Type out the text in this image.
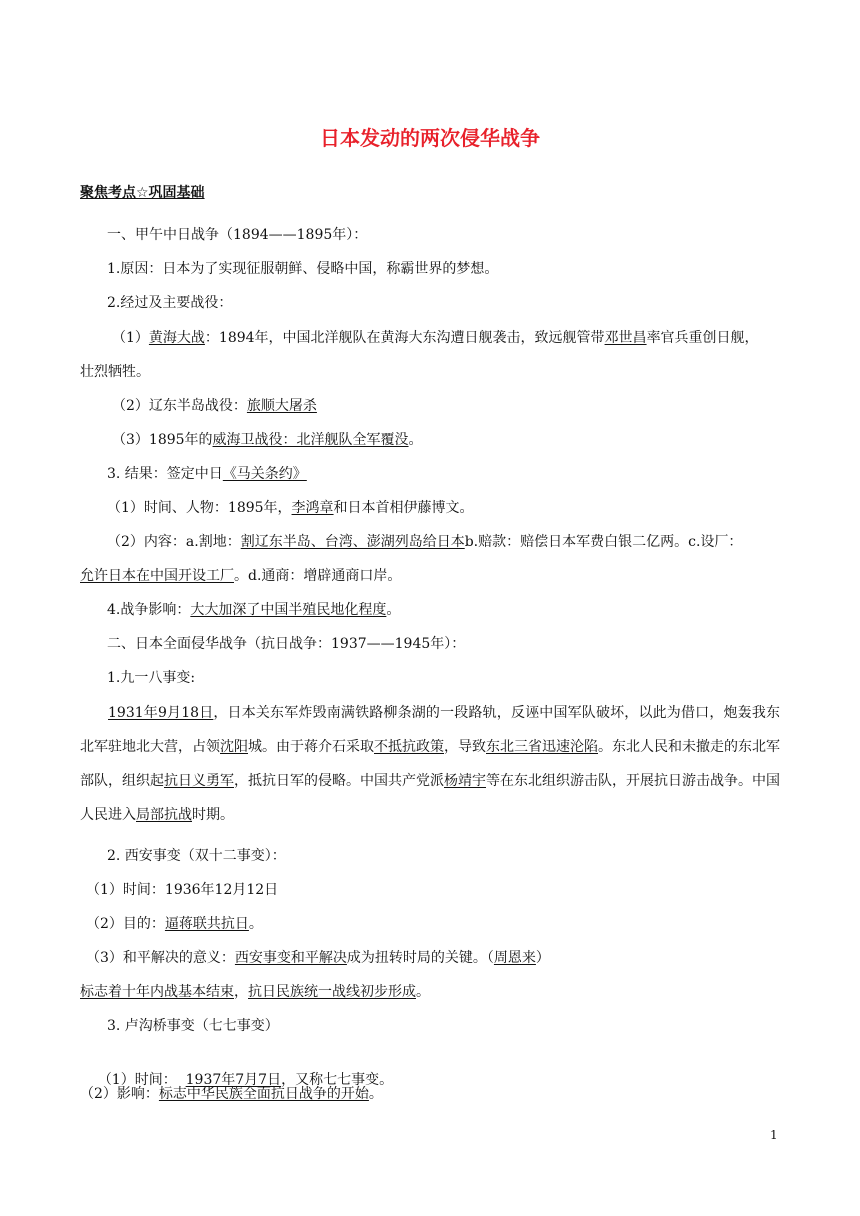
日本发动的两次侵华战争
聚焦考点☆巩固基础
一、甲午中日战争（1894——1895年）：
1.原因：日本为了实现征服朝鲜、侵略中国，称霸世界的梦想。
2.经过及主要战役：
（1）黄海大战：1894年，中国北洋舰队在黄海大东沟遭日舰袭击，致远舰管带邓世昌率官兵重创日舰，
壮烈牺牲。
（2）辽东半岛战役：旅顺大屠杀
（3）1895年的威海卫战役：北洋舰队全军覆没。
3. 结果：签定中日《马关条约》
（1）时间、人物：1895年，李鸿章和日本首相伊藤博文。
（2）内容：a.割地：割辽东半岛、台湾、澎湖列岛给日本b.赔款：赔偿日本军费白银二亿两。c.设厂：
允许日本在中国开设工厂。d.通商：增辟通商口岸。
4.战争影响：大大加深了中国半殖民地化程度。
二、日本全面侵华战争（抗日战争：1937——1945年）：
1.九一八事变:
1931年9月18日，日本关东军炸毁南满铁路柳条湖的一段路轨，反诬中国军队破坏，以此为借口，炮轰我东北军驻地北大营，占领沈阳城。由于蒋介石采取不抵抗政策，导致东北三省迅速沦陷。东北人民和未撤走的东北军部队，组织起抗日义勇军，抵抗日军的侵略。中国共产党派杨靖宇等在东北组织游击队，开展抗日游击战争。中国人民进入局部抗战时期。
2. 西安事变（双十二事变）：
（1）时间：1936年12月12日
（2）目的：逼蒋联共抗日。
（3）和平解决的意义：西安事变和平解决成为扭转时局的关键。（周恩来）
标志着十年内战基本结束，抗日民族统一战线初步形成。
3. 卢沟桥事变（七七事变）

（1）时间：  1937年7月7日，又称七七事变。

（2）影响：标志中华民族全面抗日战争的开始。
1
